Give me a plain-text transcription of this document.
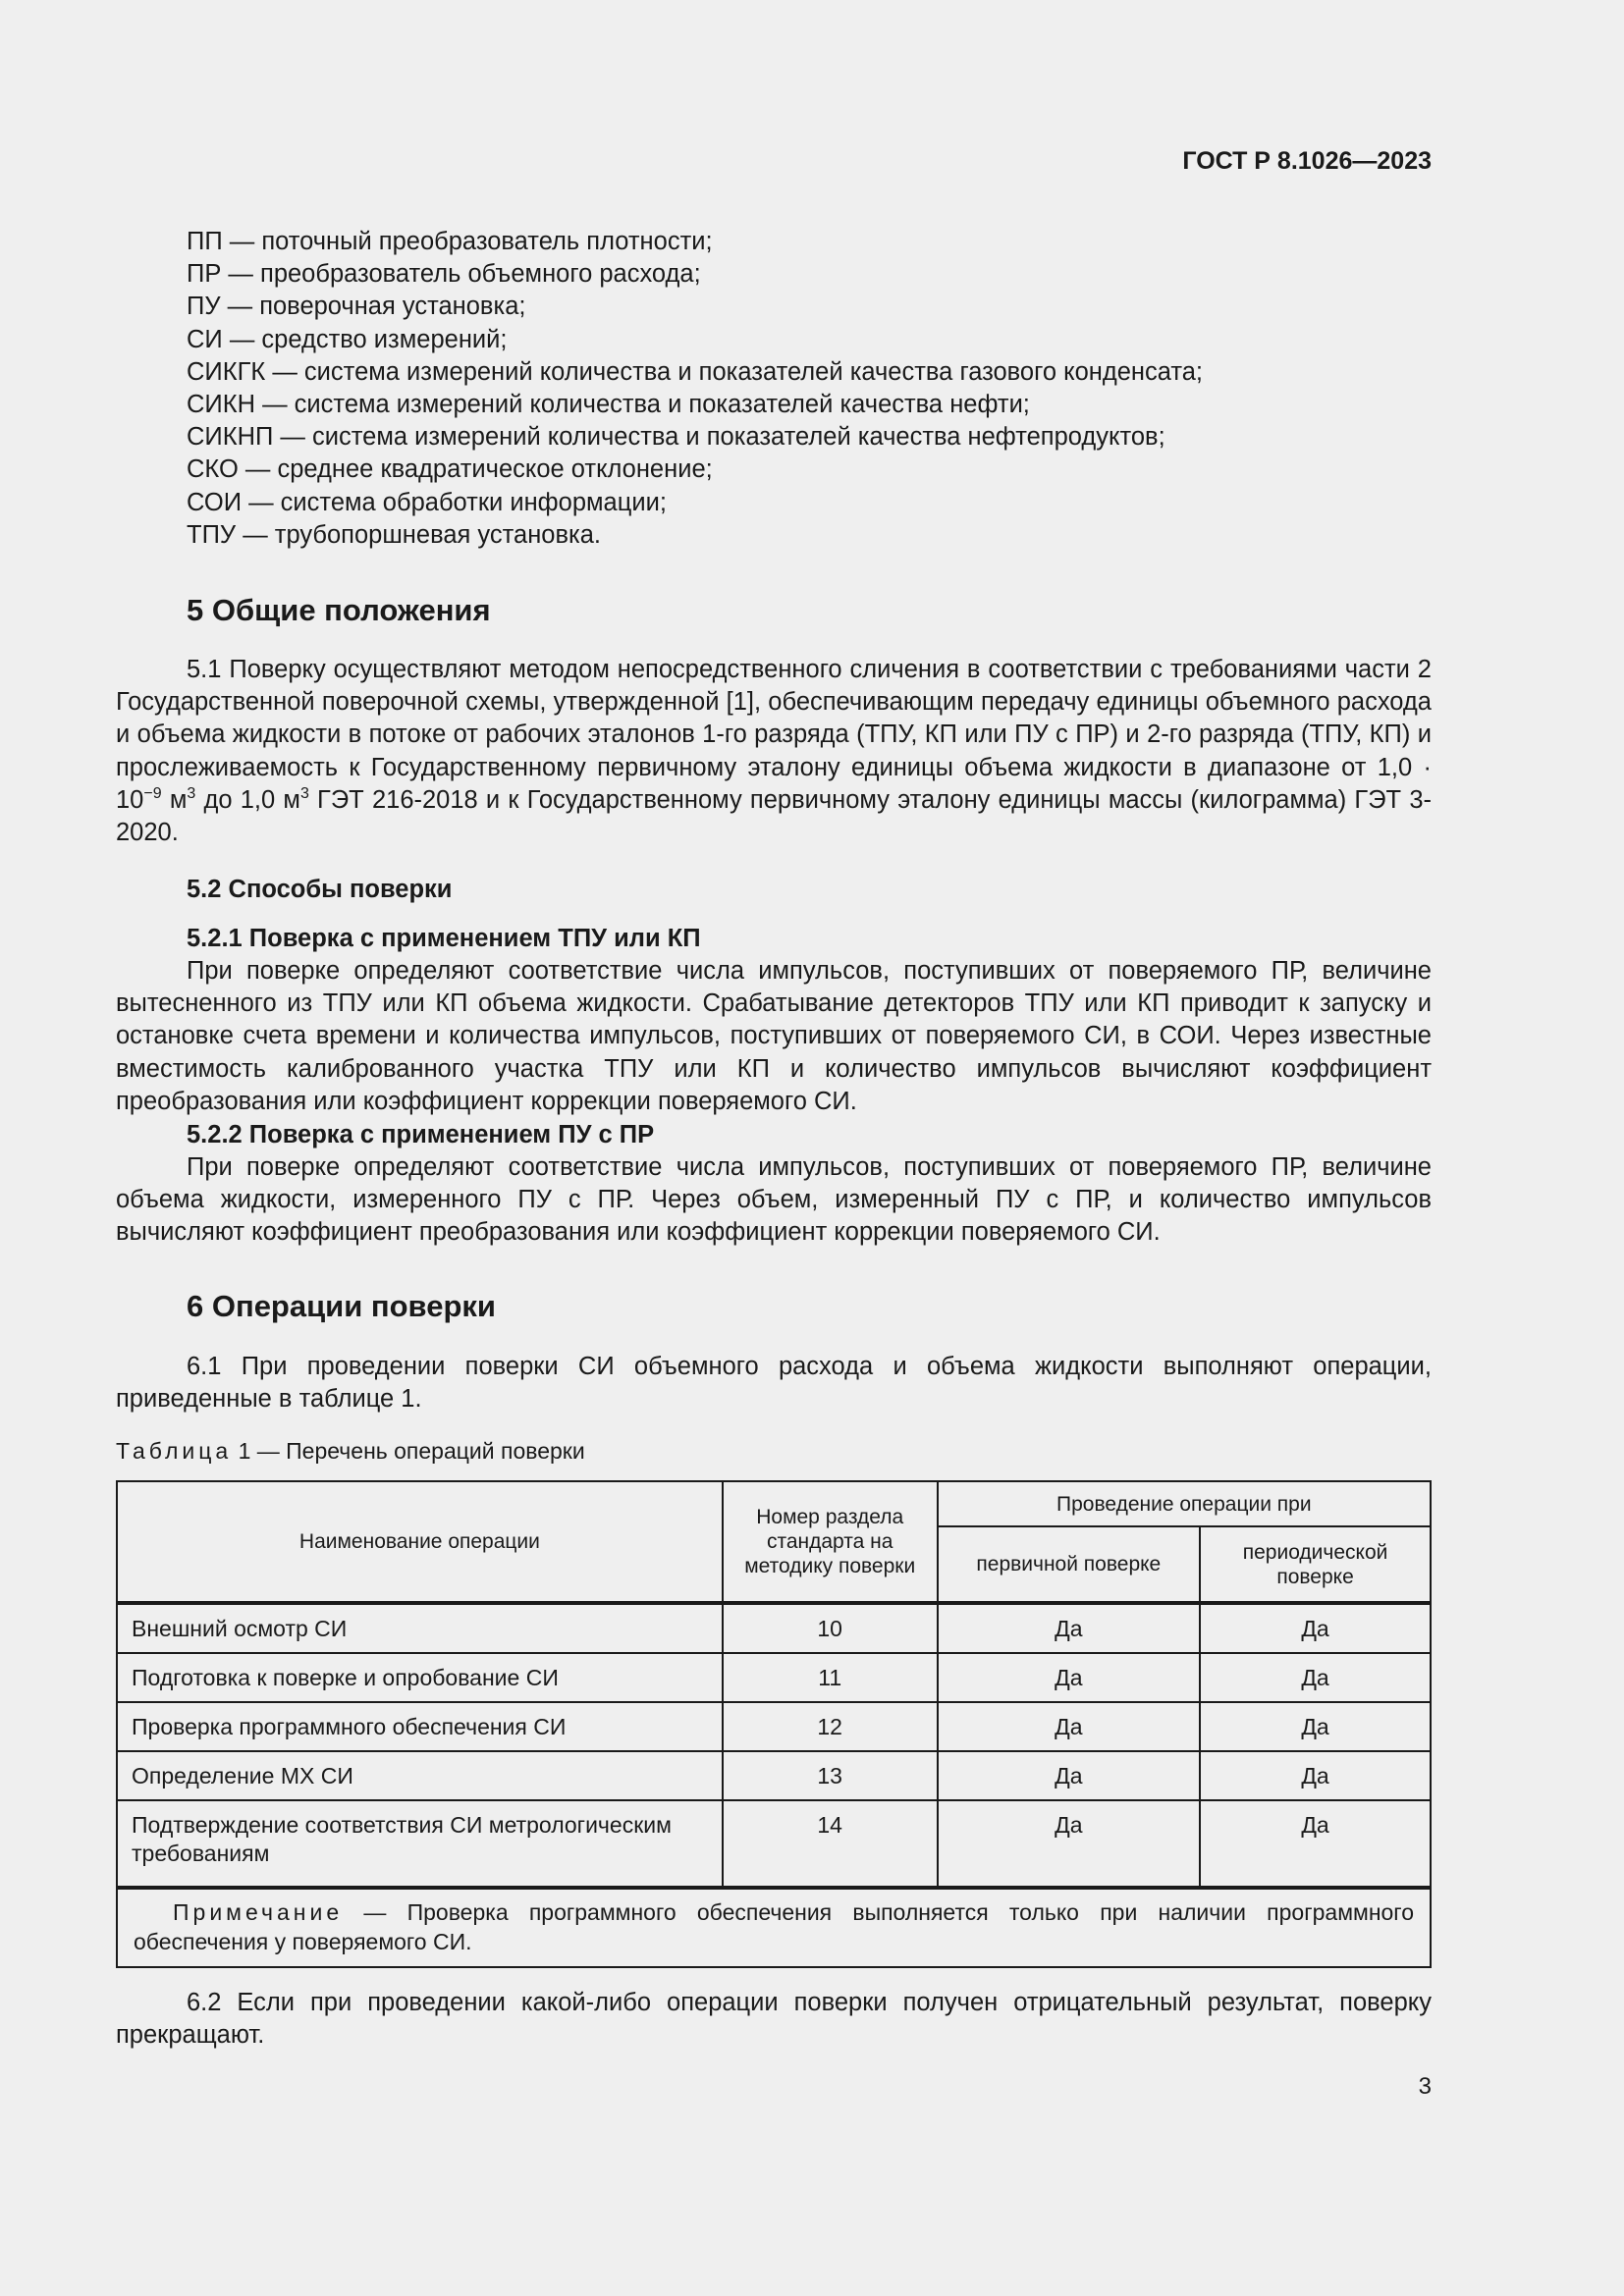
ГОСТ Р 8.1026—2023

ПП — поточный преобразователь плотности;
ПР — преобразователь объемного расхода;
ПУ — поверочная установка;
СИ — средство измерений;
СИКГК — система измерений количества и показателей качества газового конденсата;
СИКН — система измерений количества и показателей качества нефти;
СИКНП — система измерений количества и показателей качества нефтепродуктов;
СКО — среднее квадратическое отклонение;
СОИ — система обработки информации;
ТПУ — трубопоршневая установка.
5 Общие положения

5.1 Поверку осуществляют методом непосредственного сличения в соответствии с требованиями части 2 Государственной поверочной схемы, утвержденной [1], обеспечивающим передачу единицы объемного расхода и объема жидкости в потоке от рабочих эталонов 1-го разряда (ТПУ, КП или ПУ с ПР) и 2-го разряда (ТПУ, КП) и прослеживаемость к Государственному первичному эталону единицы объема жидкости в диапазоне от $1,0 \cdot 10^{-9}$ $м^3$ до 1,0 $м^3$ ГЭТ 216-2018 и к Государственному первичному эталону единицы массы (килограмма) ГЭТ 3-2020.

5.2 Способы поверки
5.2.1 Поверка с применением ТПУ или КП

При поверке определяют соответствие числа импульсов, поступивших от поверяемого ПР, величине вытесненного из ТПУ или КП объема жидкости. Срабатывание детекторов ТПУ или КП приводит к запуску и остановке счета времени и количества импульсов, поступивших от поверяемого СИ, в СОИ. Через известные вместимость калиброванного участка ТПУ или КП и количество импульсов вычисляют коэффициент преобразования или коэффициент коррекции поверяемого СИ.

5.2.2 Поверка с применением ПУ с ПР

При поверке определяют соответствие числа импульсов, поступивших от поверяемого ПР, величине объема жидкости, измеренного ПУ с ПР. Через объем, измеренный ПУ с ПР, и количество импульсов вычисляют коэффициент преобразования или коэффициент коррекции поверяемого СИ.

6 Операции поверки

6.1 При проведении поверки СИ объемного расхода и объема жидкости выполняют операции, приведенные в таблице 1.

Таблица 1 — Перечень операций поверки

Наименование операции	Номер раздела стандарта на методику поверки	Проведение операции при	
		первичной поверке	периодической поверке
Внешний осмотр СИ	10	Да	Да
Подготовка к поверке и опробование СИ	11	Да	Да
Проверка программного обеспечения СИ	12	Да	Да
Определение МХ СИ	13	Да	Да
Подтверждение соответствия СИ метрологическим требованиям	14	Да	Да
Примечание — Проверка программного обеспечения выполняется только при наличии программного обеспечения у поверяемого СИ.			

6.2 Если при проведении какой-либо операции поверки получен отрицательный результат, поверку прекращают.

3
